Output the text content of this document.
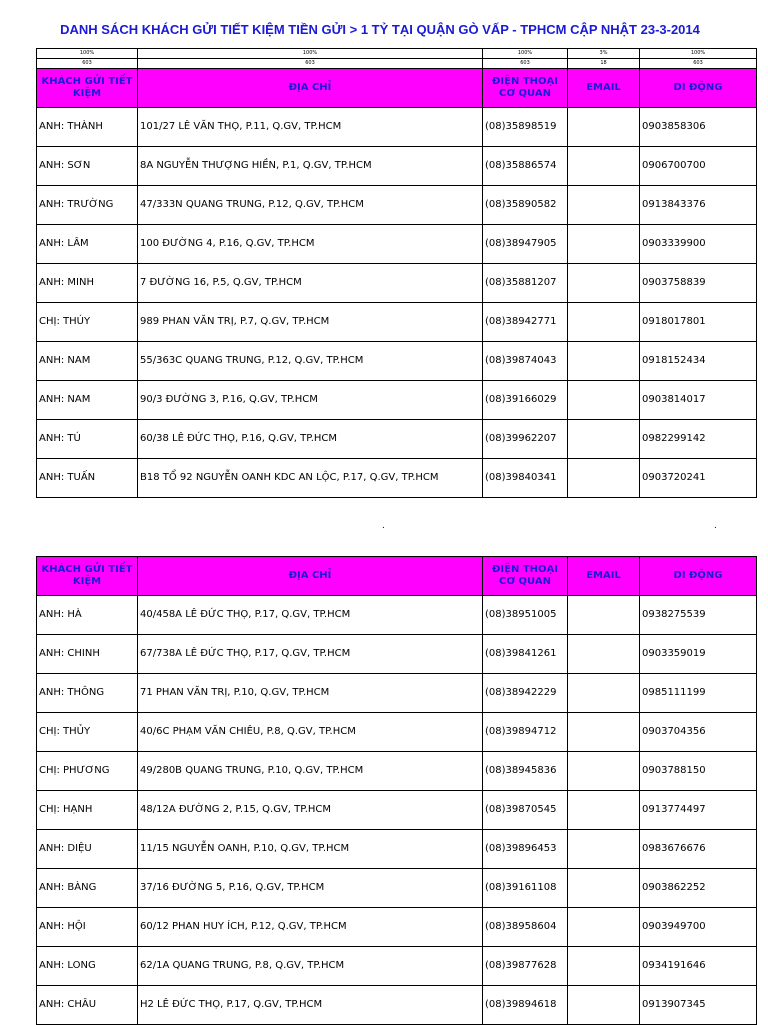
DANH SÁCH KHÁCH GỬI TIẾT KIỆM TIỀN GỬI > 1 TỶ TẠI QUẬN GÒ VẤP - TPHCM CẬP NHẬT 23-3-2014
100%	100%	100%	3%	100%
603	603	603	18	603
KHÁCH GỬI TIẾT KIỆM	ĐỊA CHỈ	ĐIỆN THOẠI CƠ QUAN	EMAIL	DI ĐỘNG
ANH: THÀNH	101/27 LÊ VĂN THỌ, P.11, Q.GV, TP.HCM	(08)35898519		0903858306
ANH: SƠN	8A NGUYỄN THƯỢNG HIỀN, P.1, Q.GV, TP.HCM	(08)35886574		0906700700
ANH: TRƯỜNG	47/333N QUANG TRUNG, P.12, Q.GV, TP.HCM	(08)35890582		0913843376
ANH: LÂM	100 ĐƯỜNG 4, P.16, Q.GV, TP.HCM	(08)38947905		0903339900
ANH: MINH	7 ĐƯỜNG 16, P.5, Q.GV, TP.HCM	(08)35881207		0903758839
CHỊ: THÚY	989 PHAN VĂN TRỊ, P.7, Q.GV, TP.HCM	(08)38942771		0918017801
ANH: NAM	55/363C QUANG TRUNG, P.12, Q.GV, TP.HCM	(08)39874043		0918152434
ANH: NAM	90/3 ĐƯỜNG 3, P.16, Q.GV, TP.HCM	(08)39166029		0903814017
ANH: TÚ	60/38 LÊ ĐỨC THỌ, P.16, Q.GV, TP.HCM	(08)39962207		0982299142
ANH: TUẤN	B18 TỔ 92 NGUYỄN OANH KDC AN LỘC, P.17, Q.GV, TP.HCM	(08)39840341		0903720241
.	.
KHÁCH GỬI TIẾT KIỆM	ĐỊA CHỈ	ĐIỆN THOẠI CƠ QUAN	EMAIL	DI ĐỘNG
ANH: HÀ	40/458A LÊ ĐỨC THỌ, P.17, Q.GV, TP.HCM	(08)38951005		0938275539
ANH: CHINH	67/738A LÊ ĐỨC THỌ, P.17, Q.GV, TP.HCM	(08)39841261		0903359019
ANH: THÔNG	71 PHAN VĂN TRỊ, P.10, Q.GV, TP.HCM	(08)38942229		0985111199
CHỊ: THỦY	40/6C PHẠM VĂN CHIÊU, P.8, Q.GV, TP.HCM	(08)39894712		0903704356
CHỊ: PHƯƠNG	49/280B QUANG TRUNG, P.10, Q.GV, TP.HCM	(08)38945836		0903788150
CHỊ: HẠNH	48/12A ĐƯỜNG 2, P.15, Q.GV, TP.HCM	(08)39870545		0913774497
ANH: DIỆU	11/15 NGUYỄN OANH, P.10, Q.GV, TP.HCM	(08)39896453		0983676676
ANH: BÀNG	37/16 ĐƯỜNG 5, P.16, Q.GV, TP.HCM	(08)39161108		0903862252
ANH: HỘI	60/12 PHAN HUY ÍCH, P.12, Q.GV, TP.HCM	(08)38958604		0903949700
ANH: LONG	62/1A QUANG TRUNG, P.8, Q.GV, TP.HCM	(08)39877628		0934191646
ANH: CHÂU	H2 LÊ ĐỨC THỌ, P.17, Q.GV, TP.HCM	(08)39894618		0913907345
